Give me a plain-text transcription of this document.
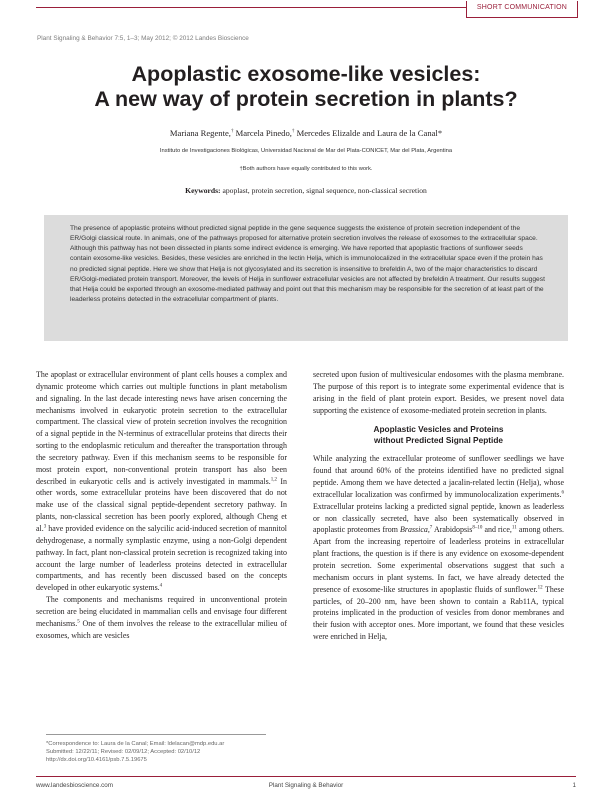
SHORT COMMUNICATION
Plant Signaling & Behavior 7:5, 1–3; May 2012; © 2012 Landes Bioscience
Apoplastic exosome-like vesicles:
A new way of protein secretion in plants?
Mariana Regente,† Marcela Pinedo,† Mercedes Elizalde and Laura de la Canal*
Instituto de Investigaciones Biológicas, Universidad Nacional de Mar del Plata-CONICET, Mar del Plata, Argentina
†Both authors have equally contributed to this work.
Keywords: apoplast, protein secretion, signal sequence, non-classical secretion
The presence of apoplastic proteins without predicted signal peptide in the gene sequence suggests the existence of protein secretion independent of the ER/Golgi classical route. In animals, one of the pathways proposed for alternative protein secretion involves the release of exosomes to the extracellular space. Although this pathway has not been dissected in plants some indirect evidence is emerging. We have reported that apoplastic fractions of sunflower seeds contain exosome-like vesicles. Besides, these vesicles are enriched in the lectin Helja, which is immunolocalized in the extracellular space even if the protein has no predicted signal peptide. Here we show that Helja is not glycosylated and its secretion is insensitive to brefeldin A, two of the major characteristics to discard ER/Golgi-mediated protein transport. Moreover, the levels of Helja in sunflower extracellular vesicles are not affected by brefeldin A treatment. Our results suggest that Helja could be exported through an exosome-mediated pathway and point out that this mechanism may be responsible for the secretion of at least part of the leaderless proteins detected in the extracellular compartment of plants.

The apoplast or extracellular environment of plant cells houses a complex and dynamic proteome which carries out multiple functions in plant metabolism and signaling. In the last decade interesting news have arisen concerning the mechanisms involved in eukaryotic protein secretion to the extracellular compartment. The classical view of protein secretion involves the recognition of a signal peptide in the N-terminus of extracellular proteins that directs their sorting to the endoplasmic reticulum and thereafter the transportation through the secretory pathway. Even if this mechanism seems to be responsible for most protein export, non-conventional protein transport has also been described in eukaryotic cells and is actively investigated in mammals.$^{1,2}$ In other words, some extracellular proteins have been discovered that do not make use of the classical signal peptide-dependent secretory pathway. In plants, non-classical secretion has been poorly explored, although Cheng et al.$^3$ have provided evidence on the salycilic acid-induced secretion of mannitol dehydrogenase, a normally symplastic enzyme, using a non-Golgi dependent pathway. In fact, plant non-classical protein secretion is recognized taking into account the large number of leaderless proteins detected in extracellular compartments, and has recently been discussed based on the concepts developed in other eukaryotic systems.$^4$

The components and mechanisms required in unconventional protein secretion are being elucidated in mammalian cells and envisage four different mechanisms.$^5$ One of them involves the release to the extracellular milieu of exosomes, which are vesicles

secreted upon fusion of multivesicular endosomes with the plasma membrane. The purpose of this report is to integrate some experimental evidence that is arising in the field of plant protein export. Besides, we present novel data supporting the existence of exosome-mediated protein secretion in plants.

Apoplastic Vesicles and Proteins
without Predicted Signal Peptide

While analyzing the extracellular proteome of sunflower seedlings we have found that around 60% of the proteins identified have no predicted signal peptide. Among them we have detected a jacalin-related lectin (Helja), whose extracellular localization was confirmed by immunolocalization experiments.$^6$ Extracellular proteins lacking a predicted signal peptide, known as leaderless or non classically secreted, have also been systematically observed in apoplastic proteomes from Brassica,$^7$ Arabidopsis$^{8-10}$ and rice,$^{11}$ among others. Apart from the increasing repertoire of leaderless proteins in extracellular plant fractions, the question is if there is any evidence on exosome-dependent protein secretion. Some experimental observations suggest that such a mechanism occurs in plant systems. In fact, we have already detected the presence of exosome-like structures in apoplastic fluids of sunflower.$^{12}$ These particles, of 20–200 nm, have been shown to contain a Rab11A, typical proteins implicated in the production of vesicles from donor membranes and their fusion with acceptor ones. More important, we found that these vesicles were enriched in Helja,

*Correspondence to: Laura de la Canal; Email: ldelacan@mdp.edu.ar
Submitted: 12/22/11; Revised: 02/09/12; Accepted: 02/10/12
http://dx.doi.org/10.4161/psb.7.5.19675
www.landesbioscience.com	Plant Signaling & Behavior	1
